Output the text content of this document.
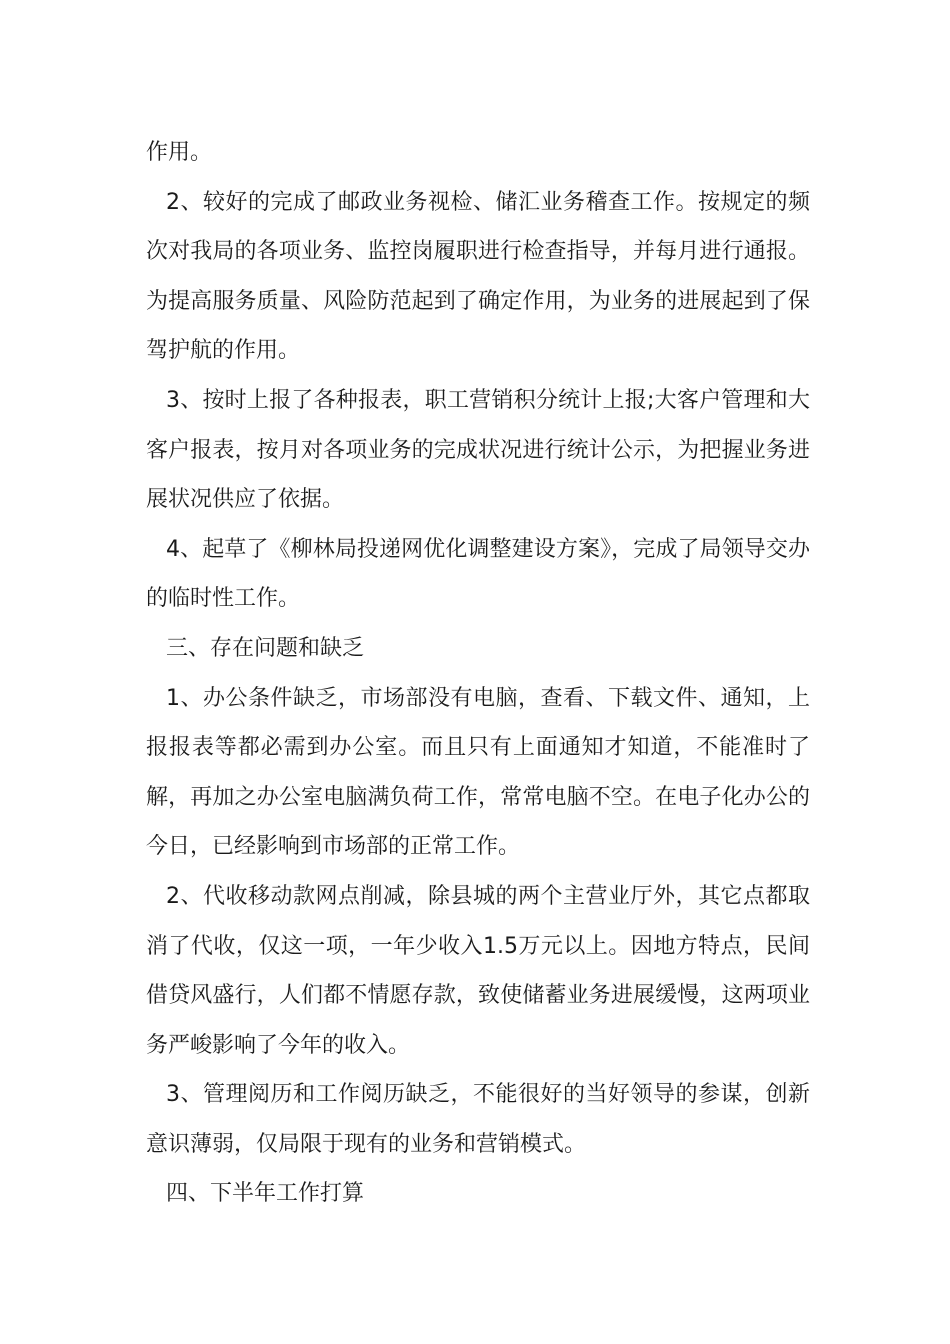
作用。

2、较好的完成了邮政业务视检、储汇业务稽查工作。按规定的频次对我局的各项业务、监控岗履职进行检查指导，并每月进行通报。为提高服务质量、风险防范起到了确定作用，为业务的进展起到了保驾护航的作用。

3、按时上报了各种报表，职工营销积分统计上报;大客户管理和大客户报表，按月对各项业务的完成状况进行统计公示，为把握业务进展状况供应了依据。

4、起草了《柳林局投递网优化调整建设方案》，完成了局领导交办的临时性工作。

三、存在问题和缺乏

1、办公条件缺乏，市场部没有电脑，查看、下载文件、通知，上报报表等都必需到办公室。而且只有上面通知才知道，不能准时了解，再加之办公室电脑满负荷工作，常常电脑不空。在电子化办公的今日，已经影响到市场部的正常工作。

2、代收移动款网点削减，除县城的两个主营业厅外，其它点都取消了代收，仅这一项，一年少收入1.5万元以上。因地方特点，民间借贷风盛行，人们都不情愿存款，致使储蓄业务进展缓慢，这两项业务严峻影响了今年的收入。

3、管理阅历和工作阅历缺乏，不能很好的当好领导的参谋，创新意识薄弱，仅局限于现有的业务和营销模式。

四、下半年工作打算
